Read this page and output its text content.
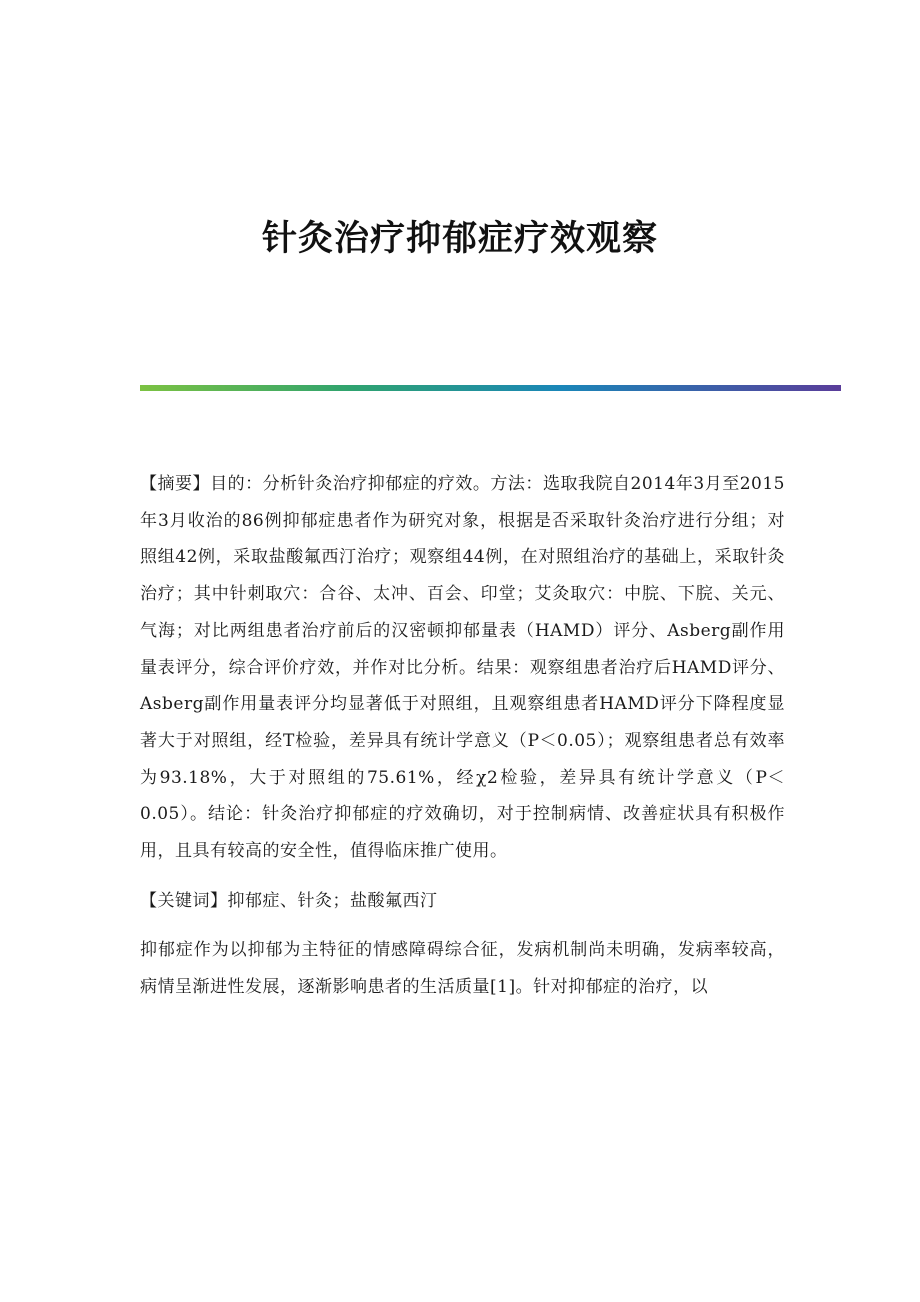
针灸治疗抑郁症疗效观察

【摘要】目的：分析针灸治疗抑郁症的疗效。方法：选取我院自2014年3月至2015年3月收治的86例抑郁症患者作为研究对象，根据是否采取针灸治疗进行分组；对照组42例，采取盐酸氟西汀治疗；观察组44例，在对照组治疗的基础上，采取针灸治疗；其中针刺取穴：合谷、太冲、百会、印堂；艾灸取穴：中脘、下脘、关元、气海；对比两组患者治疗前后的汉密顿抑郁量表（HAMD）评分、Asberg副作用量表评分，综合评价疗效，并作对比分析。结果：观察组患者治疗后HAMD评分、Asberg副作用量表评分均显著低于对照组，且观察组患者HAMD评分下降程度显著大于对照组，经T检验，差异具有统计学意义（P＜0.05）；观察组患者总有效率为93.18%，大于对照组的75.61%，经χ2检验，差异具有统计学意义（P＜0.05）。结论：针灸治疗抑郁症的疗效确切，对于控制病情、改善症状具有积极作用，且具有较高的安全性，值得临床推广使用。

【关键词】抑郁症、针灸；盐酸氟西汀

抑郁症作为以抑郁为主特征的情感障碍综合征，发病机制尚未明确，发病率较高，病情呈渐进性发展，逐渐影响患者的生活质量[1]。针对抑郁症的治疗，以
